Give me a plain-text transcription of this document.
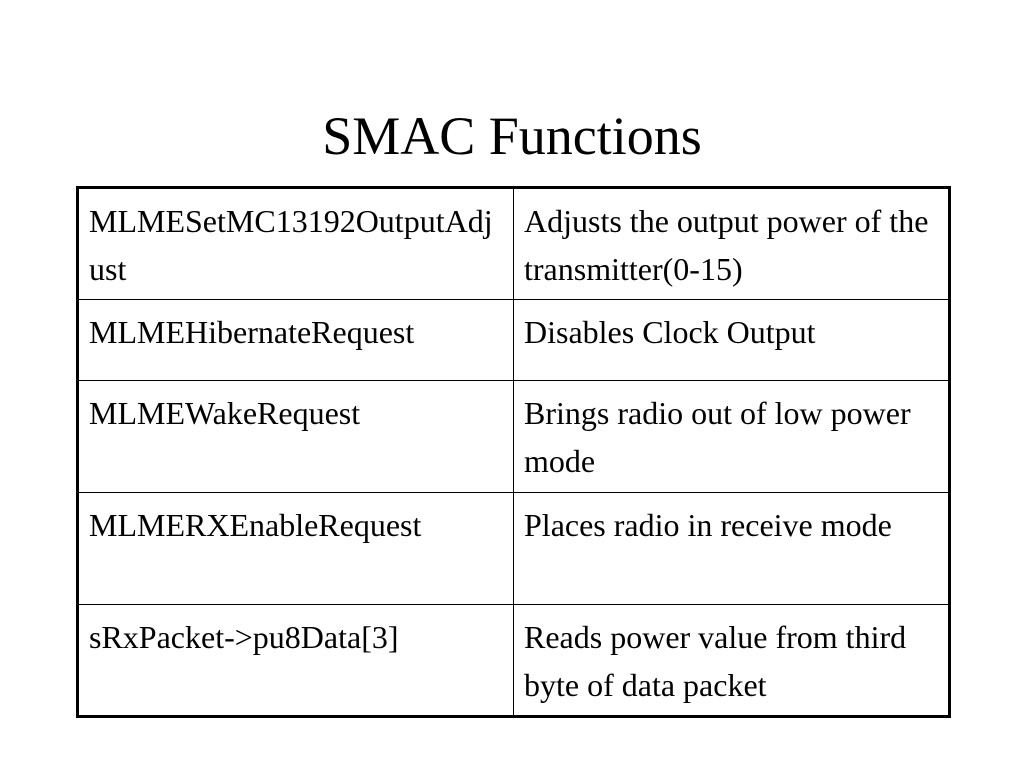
SMAC Functions
MLMESetMC13192OutputAdjust	Adjusts the output power of the transmitter(0-15)
MLMEHibernateRequest	Disables Clock Output
MLMEWakeRequest	Brings radio out of low power mode
MLMERXEnableRequest	Places radio in receive mode
sRxPacket->pu8Data[3]	Reads power value from third byte of data packet
